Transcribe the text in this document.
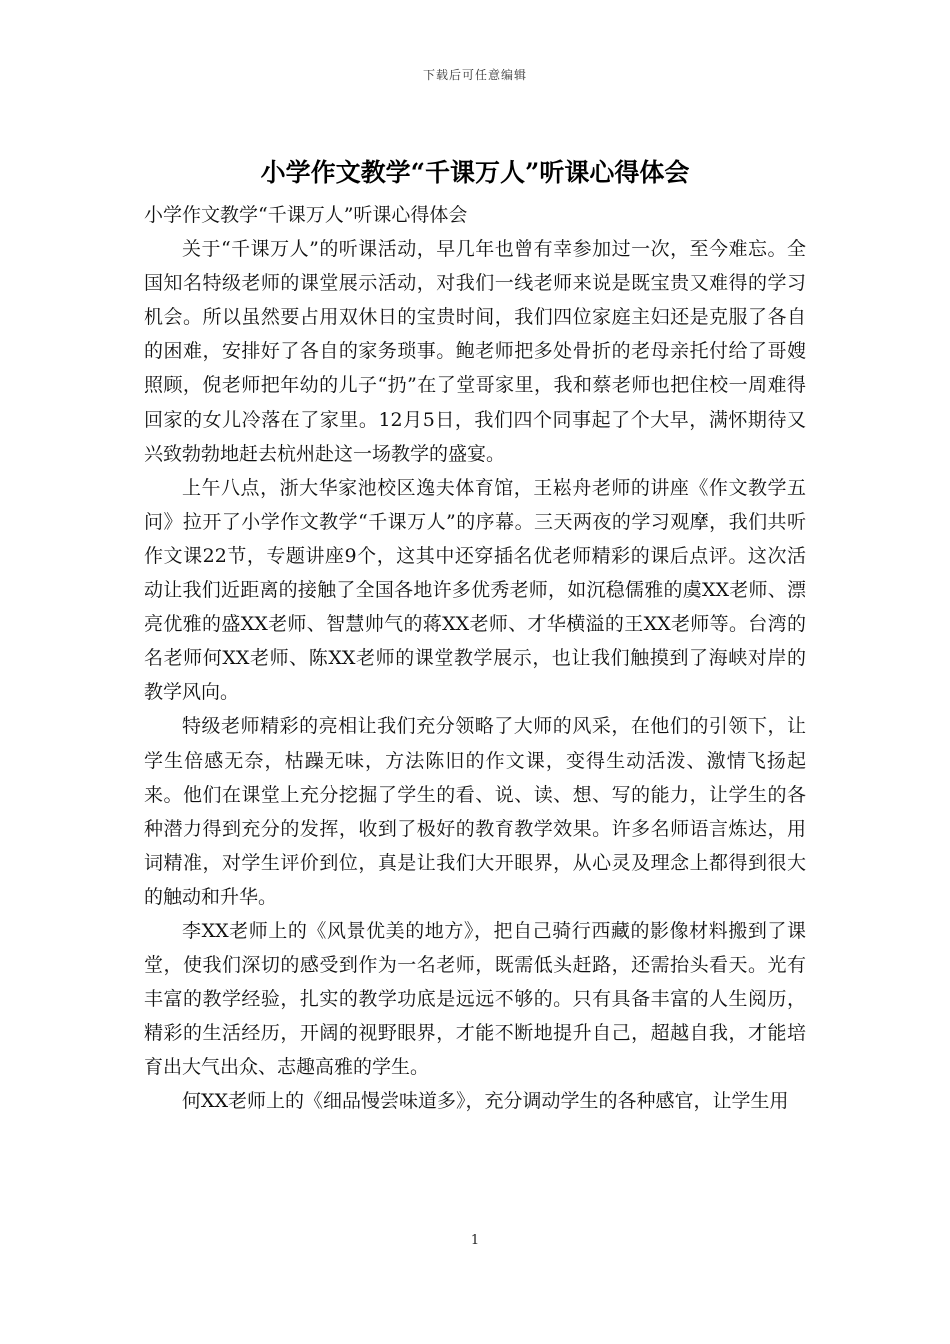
下载后可任意编辑
小学作文教学“千课万人”听课心得体会

小学作文教学“千课万人”听课心得体会

关于“千课万人”的听课活动，早几年也曾有幸参加过一次，至今难忘。全国知名特级老师的课堂展示活动，对我们一线老师来说是既宝贵又难得的学习机会。所以虽然要占用双休日的宝贵时间，我们四位家庭主妇还是克服了各自的困难，安排好了各自的家务琐事。鲍老师把多处骨折的老母亲托付给了哥嫂照顾，倪老师把年幼的儿子“扔”在了堂哥家里，我和蔡老师也把住校一周难得回家的女儿冷落在了家里。12月5日，我们四个同事起了个大早，满怀期待又兴致勃勃地赶去杭州赴这一场教学的盛宴。

上午八点，浙大华家池校区逸夫体育馆，王崧舟老师的讲座《作文教学五问》拉开了小学作文教学“千课万人”的序幕。三天两夜的学习观摩，我们共听作文课22节，专题讲座9个，这其中还穿插名优老师精彩的课后点评。这次活动让我们近距离的接触了全国各地许多优秀老师，如沉稳儒雅的虞XX老师、漂亮优雅的盛XX老师、智慧帅气的蒋XX老师、才华横溢的王XX老师等。台湾的名老师何XX老师、陈XX老师的课堂教学展示，也让我们触摸到了海峡对岸的教学风向。

特级老师精彩的亮相让我们充分领略了大师的风采，在他们的引领下，让学生倍感无奈，枯躁无味，方法陈旧的作文课，变得生动活泼、激情飞扬起来。他们在课堂上充分挖掘了学生的看、说、读、想、写的能力，让学生的各种潜力得到充分的发挥，收到了极好的教育教学效果。许多名师语言炼达，用词精准，对学生评价到位，真是让我们大开眼界，从心灵及理念上都得到很大的触动和升华。

李XX老师上的《风景优美的地方》，把自己骑行西藏的影像材料搬到了课堂，使我们深切的感受到作为一名老师，既需低头赶路，还需抬头看天。光有丰富的教学经验，扎实的教学功底是远远不够的。只有具备丰富的人生阅历，精彩的生活经历，开阔的视野眼界，才能不断地提升自己，超越自我，才能培育出大气出众、志趣高雅的学生。

何XX老师上的《细品慢尝味道多》，充分调动学生的各种感官，让学生用

1
